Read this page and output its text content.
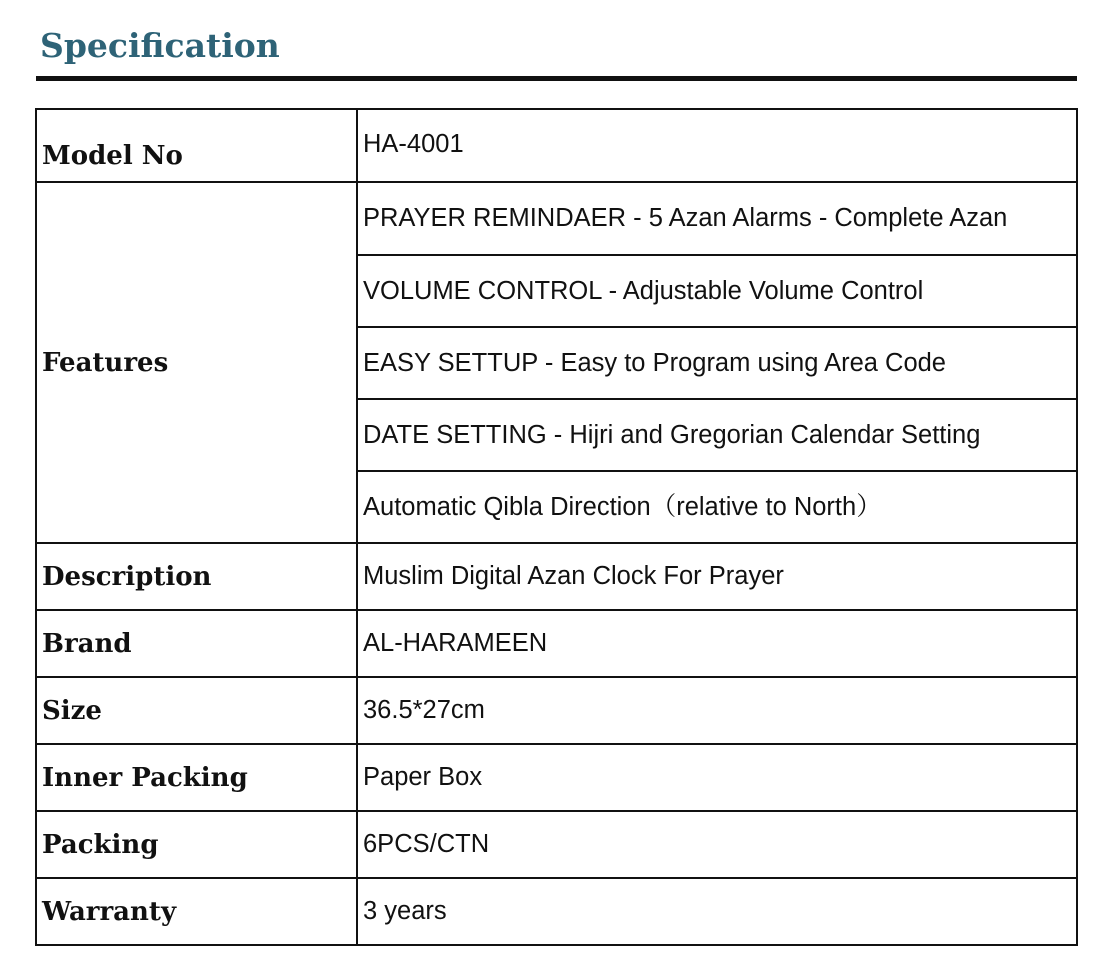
Specification
Model No	HA-4001
Features	PRAYER REMINDAER - 5 Azan Alarms - Complete Azan
	VOLUME CONTROL - Adjustable Volume Control
	EASY SETTUP - Easy to Program using Area Code
	DATE SETTING - Hijri and Gregorian Calendar Setting
	Automatic Qibla Direction（relative to North）
Description	Muslim Digital Azan Clock For Prayer
Brand	AL-HARAMEEN
Size	36.5*27cm
Inner Packing	Paper Box
Packing	6PCS/CTN
Warranty	3 years
